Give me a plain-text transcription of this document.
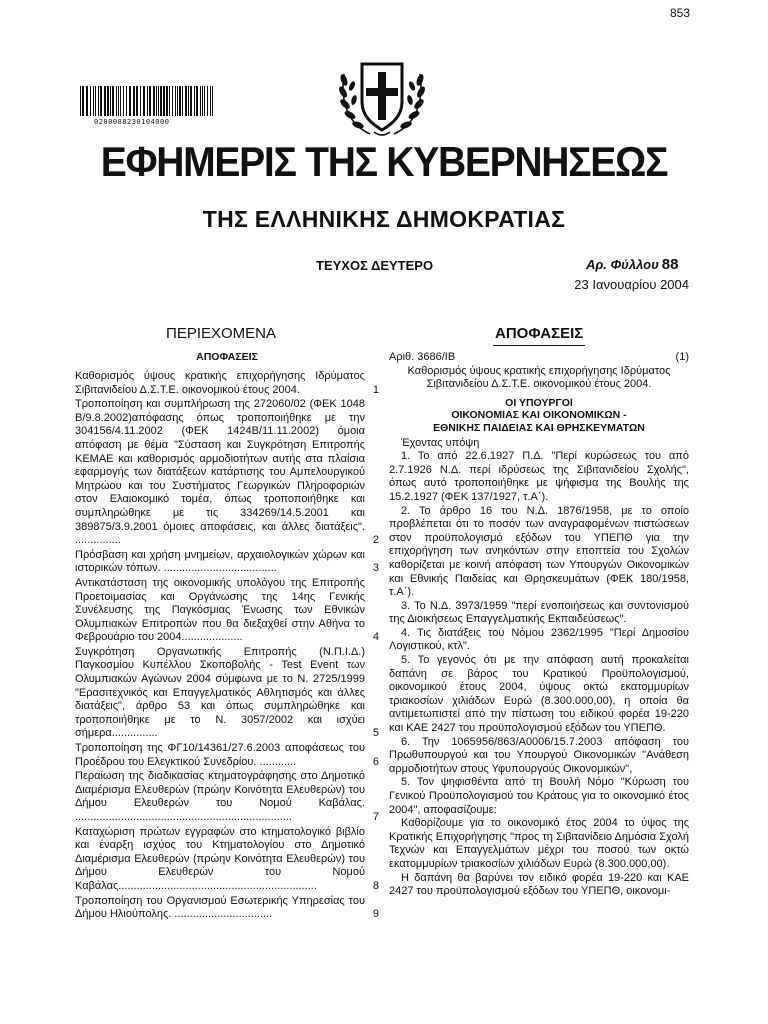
853
0200088230104000
ΕΦΗΜΕΡΙΣ ΤΗΣ ΚΥΒΕΡΝΗΣΕΩΣ
ΤΗΣ ΕΛΛΗΝΙΚΗΣ ΔΗΜΟΚΡΑΤΙΑΣ
ΤΕΥΧΟΣ ΔΕΥΤΕΡΟ	Αρ. Φύλλου 88
23 Ιανουαρίου 2004
ΠΕΡΙΕΧΟΜΕΝΑ	ΑΠΟΦΑΣΕΙΣ
ΑΠΟΦΑΣΕΙΣ
Καθορισμός ύψους κρατικής επιχορήγησης Ιδρύματος Σιβιτανιδείου Δ.Σ.Τ.Ε. οικονομικού έτους 2004.	1
Τροποποίηση και συμπλήρωση της 272060/02 (ΦΕΚ 1048 Β/9.8.2002)απόφασης όπως τροποποιήθηκε με την 304156/4.11.2002 (ΦΕΚ 1424Β/11.11.2002) όμοια απόφαση με θέμα "Σύσταση και Συγκρότηση Επιτροπής ΚΕΜΑΕ και καθορισμός αρμοδιοτήτων αυτής στα πλαίσια εφαρμογής των διατάξεων κατάρτισης του Αμπελουργικού Μητρώου και του Συστήματος Γεωργικών Πληροφοριών στον Ελαιοκομικό τομέα, όπως τροποποιήθηκε και συμπληρώθηκε με τις 334269/14.5.2001 και 389875/3.9.2001 όμοιες αποφάσεις, και άλλες διατάξεις". ...............	2
Πρόσβαση και χρήση μνημείων, αρχαιολογικών χώρων και ιστορικών τόπων. .....................................	3
Αντικατάσταση της οικονομικής υπολόγου της Επιτροπής Προετοιμασίας και Οργάνωσης της 14ης Γενικής Συνέλευσης της Παγκόσμιας Ένωσης των Εθνικών Ολυμπιακών Επιτροπών που θα διεξαχθεί στην Αθήνα το Φεβρουάριο του 2004....................	4
Συγκρότηση Οργανωτικής Επιτροπής (Ν.Π.Ι.Δ.) Παγκοσμίου Κυπέλλου Σκοποβολής - Test Event των Ολυμπιακών Αγώνων 2004 σύμφωνα με το Ν. 2725/1999 "Ερασιτεχνικός και Επαγγελματικός Αθλητισμός και άλλες διατάξεις", άρθρο 53 και όπως συμπληρώθηκε και τροποποιήθηκε με το Ν. 3057/2002 και ισχύει σήμερα...............	5
Τροποποίηση της ΦΓ10/14361/27.6.2003 αποφάσεως του Προέδρου του Ελεγκτικού Συνεδρίου. ............	6
Περαίωση της διαδικασίας κτηματογράφησης στο Δημοτικό Διαμέρισμα Ελευθερών (πρώην Κοινότητα Ελευθερών) του Δήμου Ελευθερών του Νομού Καβάλας. .......................................................................	7
Καταχώριση πρώτων εγγραφών στο κτηματολογικό βιβλίο και έναρξη ισχύος του Κτηματολογίου στο Δημοτικό Διαμέρισμα Ελευθερών (πρώην Κοινότητα Ελευθερών) του Δήμου Ελευθερών του Νομού Καβάλας.................................................................	8
Τροποποίηση του Οργανισμού Εσωτερικής Υπηρεσίας του Δήμου Ηλιούπολης. ................................	9
Αριθ. 3686/ΙΒ	(1)
Καθορισμός ύψους κρατικής επιχορήγησης Ιδρύματος Σιβιτανιδείου Δ.Σ.Τ.Ε. οικονομικού έτους 2004.
ΟΙ ΥΠΟΥΡΓΟΙ
ΟΙΚΟΝΟΜΙΑΣ ΚΑΙ ΟΙΚΟΝΟΜΙΚΩΝ -
ΕΘΝΙΚΗΣ ΠΑΙΔΕΙΑΣ ΚΑΙ ΘΡΗΣΚΕΥΜΑΤΩΝ

Έχοντας υπόψη

1. Το από 22.6.1927 Π.Δ. "Περί κυρώσεως του από 2.7.1926 Ν.Δ. περί ιδρύσεως της Σιβιτανιδείου Σχολής", όπως αυτό τροποποιήθηκε με ψήφισμα της Βουλής της 15.2.1927 (ΦΕΚ 137/1927, τ.Α΄).

2. Το άρθρο 16 του Ν.Δ. 1876/1958, με το οποίο προβλέπεται ότι το ποσόν των αναγραφομένων πιστώσεων στον προϋπολογισμό εξόδων του ΥΠΕΠΘ για την επιχορήγηση των ανηκόντων στην εποπτεία του Σχολών καθορίζεται με κοινή απόφαση των Υπουργών Οικονομικών και Εθνικής Παιδείας και Θρησκευμάτων (ΦΕΚ 180/1958, τ.Α΄).

3. Το Ν.Δ. 3973/1959 "περί ενοποιήσεως και συντονισμού της Διοικήσεως Επαγγελματικής Εκπαιδεύσεως".

4. Τις διατάξεις του Νόμου 2362/1995 "Περί Δημοσίου Λογιστικού, κτλ".

5. Το γεγονός ότι με την απόφαση αυτή προκαλείται δαπάνη σε βάρος του Κρατικού Προϋπολογισμού, οικονομικού έτους 2004, ύψους οκτώ εκατομμυρίων τριακοσίων χιλιάδων Ευρώ (8.300.000,00), η οποία θα αντιμετωπιστεί από την πίστωση του ειδικού φορέα 19-220 και ΚΑΕ 2427 του προϋπολογισμού εξόδων του ΥΠΕΠΘ.

6. Την 1065956/863/Α0006/15.7.2003 απόφαση του Πρωθυπουργού και του Υπουργού Οικονομικών "Ανάθεση αρμοδιοτήτων στους Υφυπουργούς Οικονομικών",

5. Τον ψηφισθέντα από τη Βουλή Νόμο "Κύρωση του Γενικού Προϋπολογισμού του Κράτους για το οικονομικό έτος 2004", αποφασίζουμε:

Καθορίζουμε για το οικονομικό έτος 2004 το ύψος της Κρατικής Επιχορήγησης "προς τη Σιβιτανίδειο Δημόσια Σχολή Τεχνών και Επαγγελμάτων μέχρι του ποσού των οκτώ εκατομμυρίων τριακοσίων χιλιάδων Ευρώ (8.300.000,00).

Η δαπάνη θα βαρύνει τον ειδικό φορέα 19-220 και ΚΑΕ 2427 του προϋπολογισμού εξόδων του ΥΠΕΠΘ, οικονομι-
